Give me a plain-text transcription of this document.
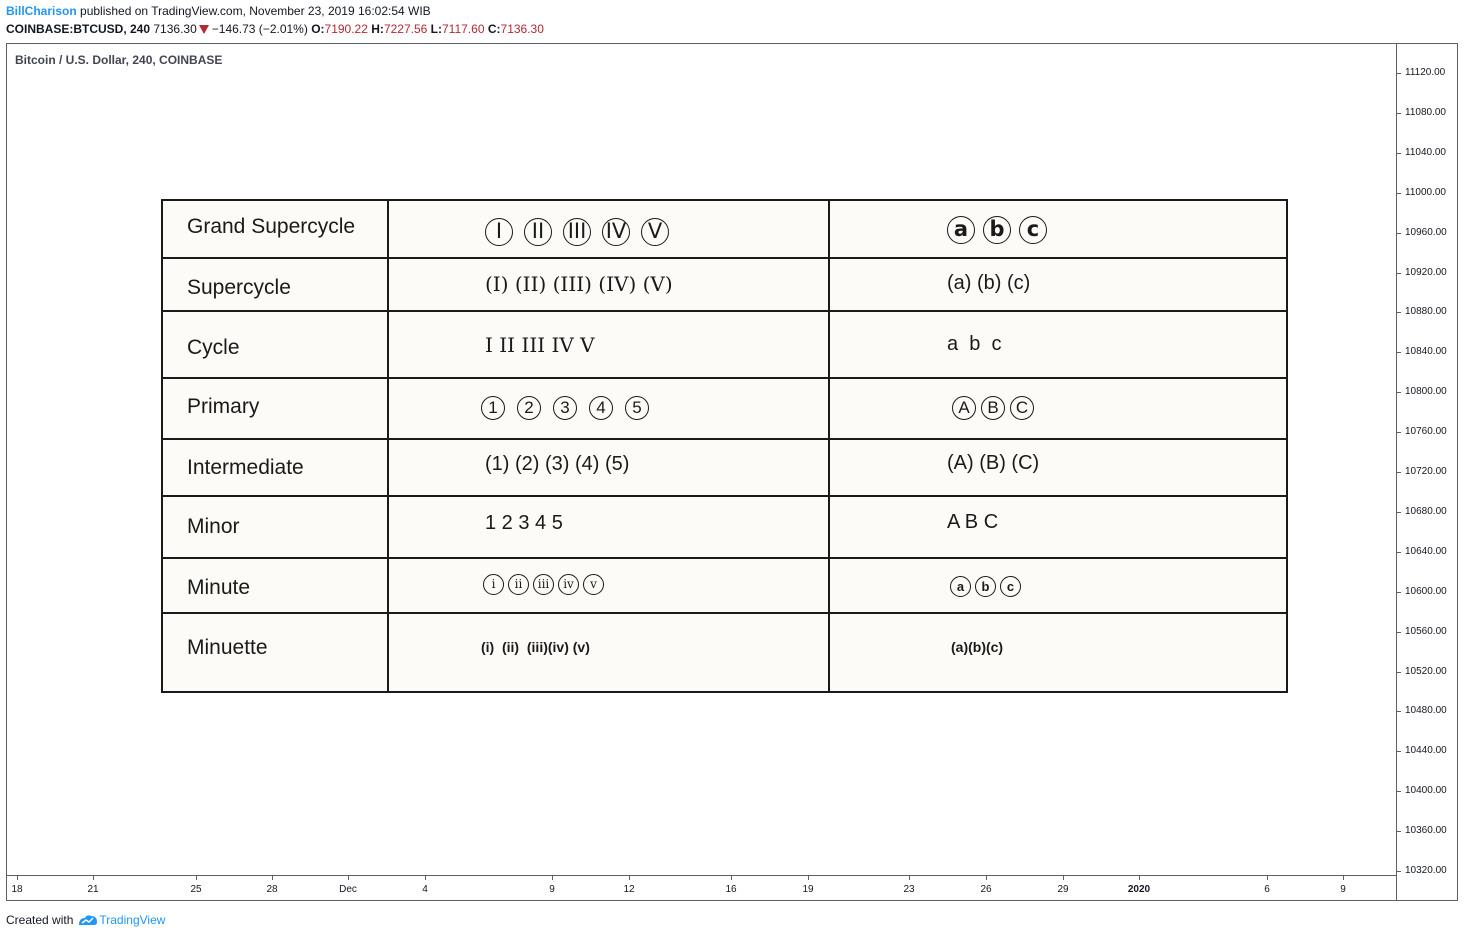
BillCharison published on TradingView.com, November 23, 2019 16:02:54 WIB
COINBASE:BTCUSD, 240 7136.30 −146.73 (−2.01%) O:7190.22 H:7227.56 L:7117.60 C:7136.30
Bitcoin / U.S. Dollar, 240, COINBASE
11120.00
11080.00
11040.00
11000.00
10960.00
10920.00
10880.00
10840.00
10800.00
10760.00
10720.00
10680.00
10640.00
10600.00
10560.00
10520.00
10480.00
10440.00
10400.00
10360.00
10320.00
18	21	25	28	Dec	4	9	12	16	19	23	26	29	2020	6	9
Grand Supercycle	I II III IV V	a b c
Supercycle	(I) (II) (III) (IV) (V)	(a) (b) (c)
Cycle	I II III IV V	a  b  c
Primary	1 2 3 4 5	A B C
Intermediate	(1) (2) (3) (4) (5)	(A) (B) (C)
Minor	1 2 3 4 5	A B C
Minute	i ii iii iv v	a b c
Minuette	(i)  (ii)  (iii)(iv) (v)	(a)(b)(c)
Created with TradingView
